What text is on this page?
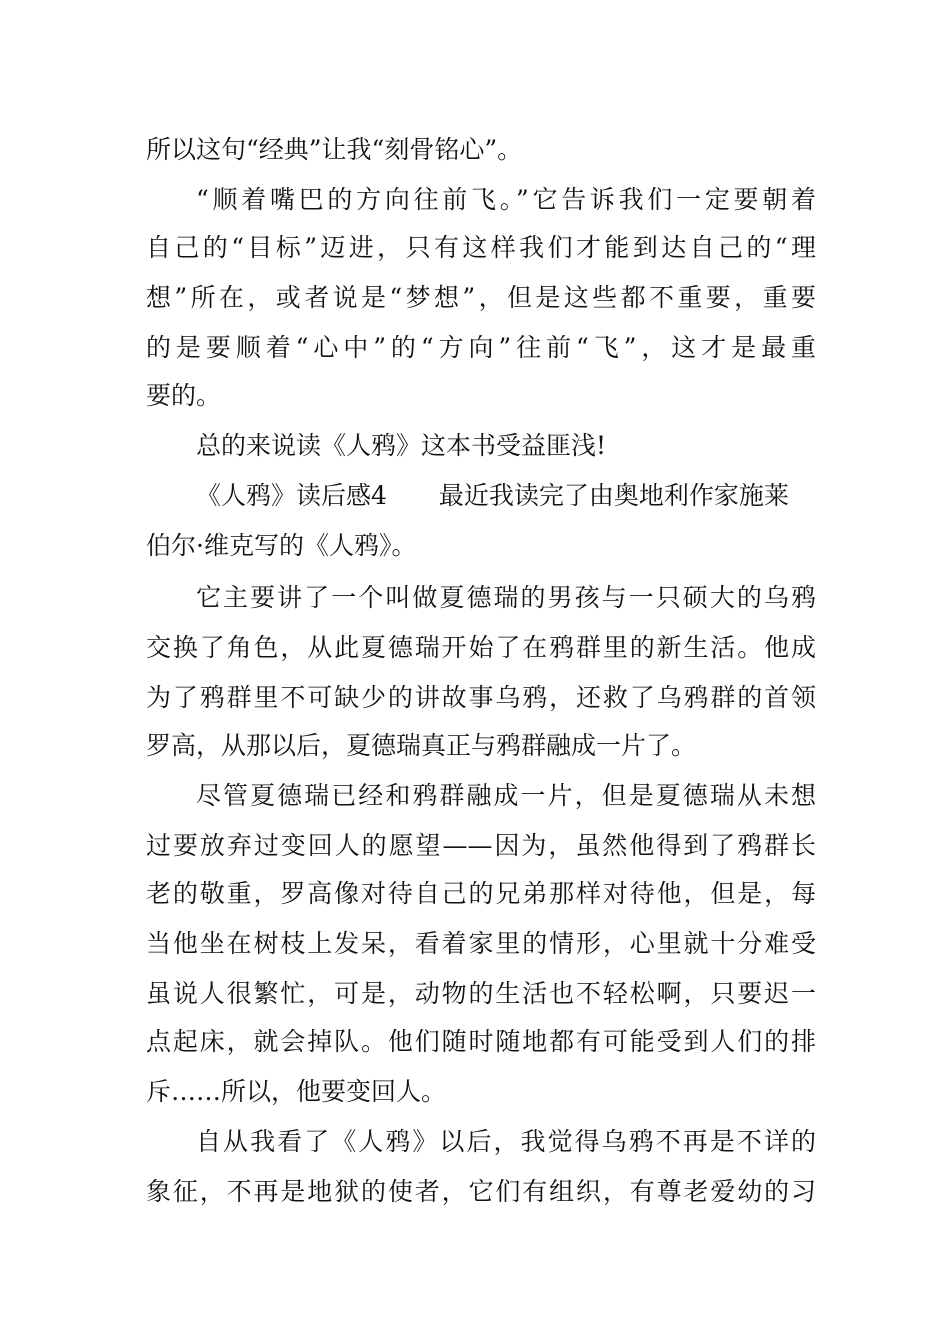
所以这句“经典”让我“刻骨铭心”。
“顺着嘴巴的方向往前飞。”它告诉我们一定要朝着
自己的“目标”迈进，只有这样我们才能到达自己的“理
想”所在，或者说是“梦想”，但是这些都不重要，重要
的是要顺着“心中”的“方向”往前“飞”，这才是最重
要的。
总的来说读《人鸦》这本书受益匪浅!
《人鸦》读后感4 最近我读完了由奥地利作家施莱
伯尔·维克写的《人鸦》。
它主要讲了一个叫做夏德瑞的男孩与一只硕大的乌鸦
交换了角色，从此夏德瑞开始了在鸦群里的新生活。他成
为了鸦群里不可缺少的讲故事乌鸦，还救了乌鸦群的首领
罗高，从那以后，夏德瑞真正与鸦群融成一片了。
尽管夏德瑞已经和鸦群融成一片，但是夏德瑞从未想
过要放弃过变回人的愿望——因为，虽然他得到了鸦群长
老的敬重，罗高像对待自己的兄弟那样对待他，但是，每
当他坐在树枝上发呆，看着家里的情形，心里就十分难受
虽说人很繁忙，可是，动物的生活也不轻松啊，只要迟一
点起床，就会掉队。他们随时随地都有可能受到人们的排
斥……所以，他要变回人。
自从我看了《人鸦》以后，我觉得乌鸦不再是不详的
象征，不再是地狱的使者，它们有组织，有尊老爱幼的习
